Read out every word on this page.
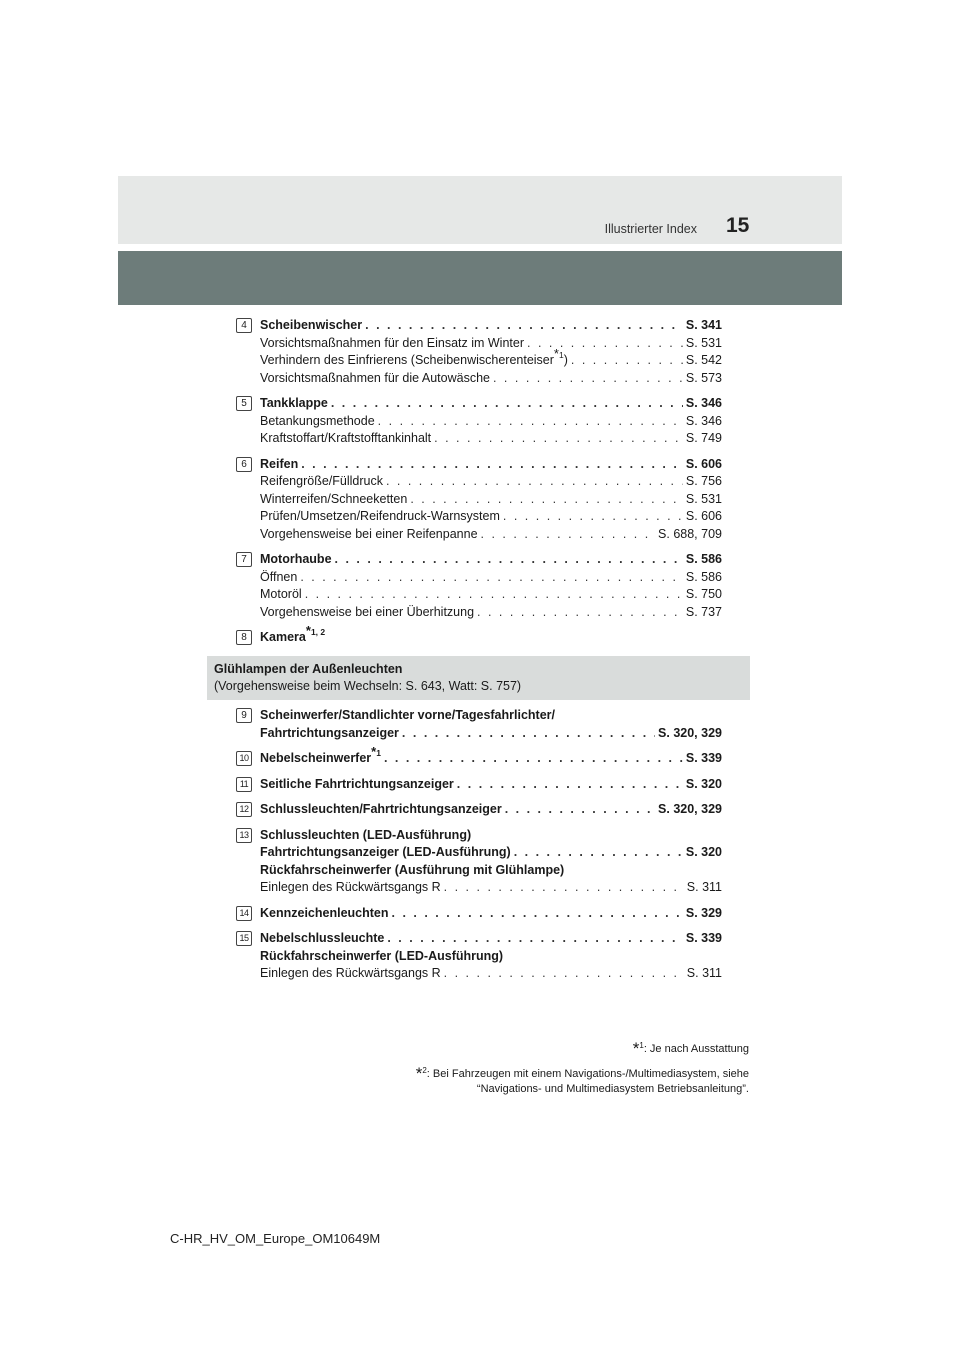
Illustrierter Index 15
4	Scheibenwischer . . .	S. 341
Vorsichtsmaßnahmen für den Einsatz im Winter . . .	S. 531
Verhindern des Einfrierens (Scheibenwischerenteiser$^{*1}$) . . .	S. 542
Vorsichtsmaßnahmen für die Autowäsche . . .	S. 573
5	Tankklappe . . .	S. 346
Betankungsmethode . . .	S. 346
Kraftstoffart/Kraftstofftankinhalt . . .	S. 749
6	Reifen . . .	S. 606
Reifengröße/Fülldruck . . .	S. 756
Winterreifen/Schneeketten . . .	S. 531
Prüfen/Umsetzen/Reifendruck-Warnsystem . . .	S. 606
Vorgehensweise bei einer Reifenpanne . . .	S. 688, 709
7	Motorhaube . . .	S. 586
Öffnen . . .	S. 586
Motoröl . . .	S. 750
Vorgehensweise bei einer Überhitzung . . .	S. 737
8	Kamera$^{*1, 2}$
Glühlampen der Außenleuchten
(Vorgehensweise beim Wechseln: S. 643, Watt: S. 757)
9	Scheinwerfer/Standlichter vorne/Tagesfahrlichter/
Fahrtrichtungsanzeiger . . .	S. 320, 329
10 Nebelscheinwerfer$^{*1}$ . . .	S. 339
11 Seitliche Fahrtrichtungsanzeiger . . .	S. 320
12 Schlussleuchten/Fahrtrichtungsanzeiger . . .	S. 320, 329
13 Schlussleuchten (LED-Ausführung)
Fahrtrichtungsanzeiger (LED-Ausführung) . . .	S. 320
Rückfahrscheinwerfer (Ausführung mit Glühlampe)
Einlegen des Rückwärtsgangs R . . .	S. 311
14 Kennzeichenleuchten . . .	S. 329
15 Nebelschlussleuchte . . .	S. 339
Rückfahrscheinwerfer (LED-Ausführung)
Einlegen des Rückwärtsgangs R . . .	S. 311
*$^1$: Je nach Ausstattung
*$^2$: Bei Fahrzeugen mit einem Navigations-/Multimediasystem, siehe
“Navigations- und Multimediasystem Betriebsanleitung”.
C-HR_HV_OM_Europe_OM10649M
